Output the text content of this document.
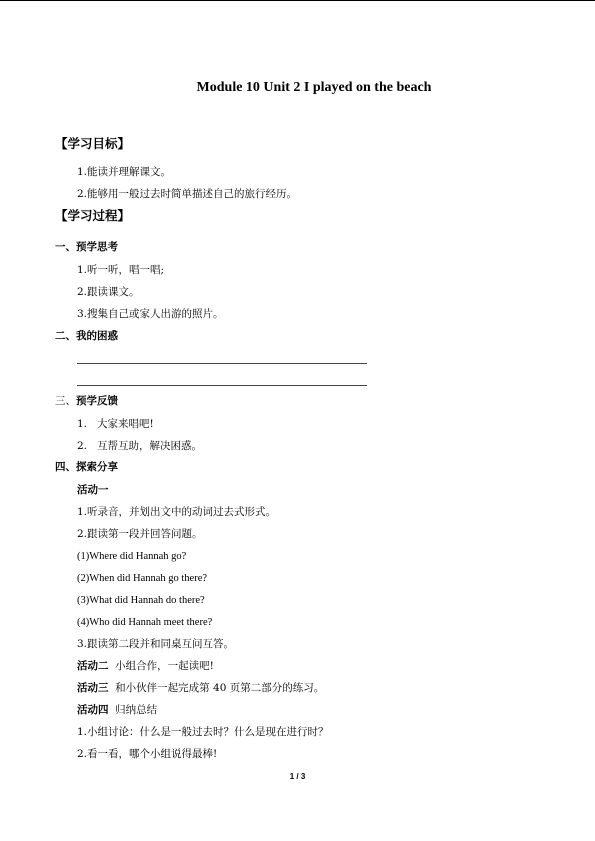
Module 10 Unit 2 I played on the beach
【学习目标】
1.能读并理解课文。
2.能够用一般过去时简单描述自己的旅行经历。
【学习过程】
一、预学思考
1.听一听，唱一唱;
2.跟读课文。
3.搜集自己或家人出游的照片。
二、我的困惑
三、预学反馈
1.   大家来唱吧!
2.   互帮互助，解决困惑。
四、探索分享
活动一
1.听录音，并划出文中的动词过去式形式。
2.跟读第一段并回答问题。
(1)Where did Hannah go?
(2)When did Hannah go there?
(3)What did Hannah do there?
(4)Who did Hannah meet there?
3.跟读第二段并和同桌互问互答。
活动二  小组合作，一起读吧!
活动三  和小伙伴一起完成第 40 页第二部分的练习。
活动四  归纳总结
1.小组讨论：什么是一般过去时？什么是现在进行时？
2.看一看，哪个小组说得最棒!
1 / 3
